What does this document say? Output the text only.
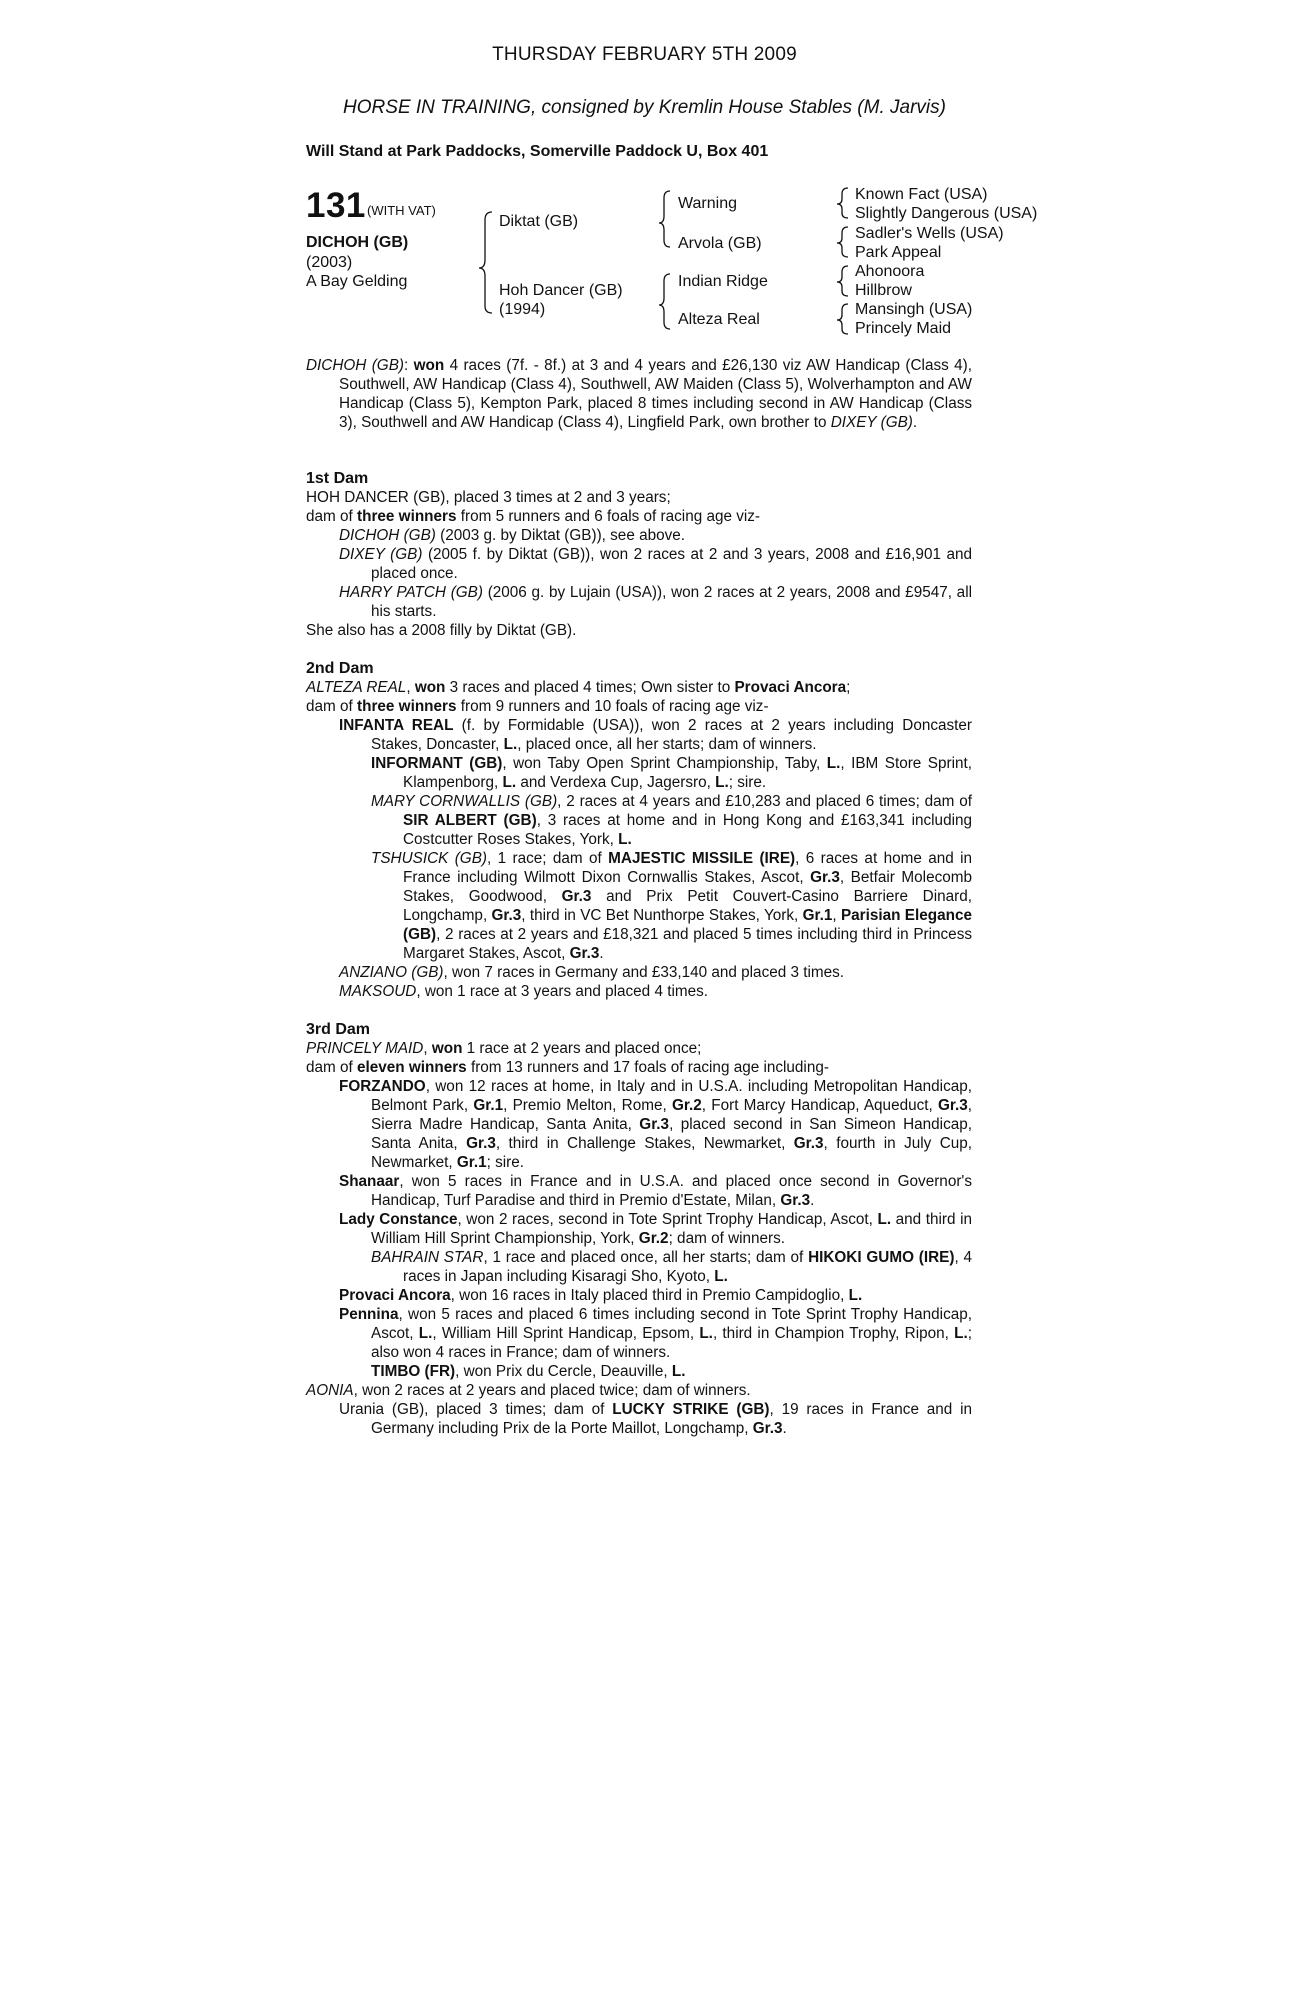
THURSDAY FEBRUARY 5TH 2009
HORSE IN TRAINING, consigned by Kremlin House Stables (M. Jarvis)
Will Stand at Park Paddocks, Somerville Paddock U, Box 401
131 (WITH VAT)
DICHOH (GB)
(2003)
A Bay Gelding
Diktat (GB)
Hoh Dancer (GB)
(1994)
Warning
Arvola (GB)
Indian Ridge
Alteza Real
Known Fact (USA)
Slightly Dangerous (USA)
Sadler's Wells (USA)
Park Appeal
Ahonoora
Hillbrow
Mansingh (USA)
Princely Maid

DICHOH (GB): won 4 races (7f. - 8f.) at 3 and 4 years and £26,130 viz AW Handicap (Class 4), Southwell, AW Handicap (Class 4), Southwell, AW Maiden (Class 5), Wolverhampton and AW Handicap (Class 5), Kempton Park, placed 8 times including second in AW Handicap (Class 3), Southwell and AW Handicap (Class 4), Lingfield Park, own brother to DIXEY (GB).

1st Dam

HOH DANCER (GB), placed 3 times at 2 and 3 years;

dam of three winners from 5 runners and 6 foals of racing age viz-

DICHOH (GB) (2003 g. by Diktat (GB)), see above.

DIXEY (GB) (2005 f. by Diktat (GB)), won 2 races at 2 and 3 years, 2008 and £16,901 and placed once.

HARRY PATCH (GB) (2006 g. by Lujain (USA)), won 2 races at 2 years, 2008 and £9547, all his starts.

She also has a 2008 filly by Diktat (GB).

2nd Dam

ALTEZA REAL, won 3 races and placed 4 times; Own sister to Provaci Ancora;

dam of three winners from 9 runners and 10 foals of racing age viz-

INFANTA REAL (f. by Formidable (USA)), won 2 races at 2 years including Doncaster Stakes, Doncaster, L., placed once, all her starts; dam of winners.

INFORMANT (GB), won Taby Open Sprint Championship, Taby, L., IBM Store Sprint, Klampenborg, L. and Verdexa Cup, Jagersro, L.; sire.

MARY CORNWALLIS (GB), 2 races at 4 years and £10,283 and placed 6 times; dam of SIR ALBERT (GB), 3 races at home and in Hong Kong and £163,341 including Costcutter Roses Stakes, York, L.

TSHUSICK (GB), 1 race; dam of MAJESTIC MISSILE (IRE), 6 races at home and in France including Wilmott Dixon Cornwallis Stakes, Ascot, Gr.3, Betfair Molecomb Stakes, Goodwood, Gr.3 and Prix Petit Couvert-Casino Barriere Dinard, Longchamp, Gr.3, third in VC Bet Nunthorpe Stakes, York, Gr.1, Parisian Elegance (GB), 2 races at 2 years and £18,321 and placed 5 times including third in Princess Margaret Stakes, Ascot, Gr.3.

ANZIANO (GB), won 7 races in Germany and £33,140 and placed 3 times.

MAKSOUD, won 1 race at 3 years and placed 4 times.

3rd Dam

PRINCELY MAID, won 1 race at 2 years and placed once;

dam of eleven winners from 13 runners and 17 foals of racing age including-

FORZANDO, won 12 races at home, in Italy and in U.S.A. including Metropolitan Handicap, Belmont Park, Gr.1, Premio Melton, Rome, Gr.2, Fort Marcy Handicap, Aqueduct, Gr.3, Sierra Madre Handicap, Santa Anita, Gr.3, placed second in San Simeon Handicap, Santa Anita, Gr.3, third in Challenge Stakes, Newmarket, Gr.3, fourth in July Cup, Newmarket, Gr.1; sire.

Shanaar, won 5 races in France and in U.S.A. and placed once second in Governor's Handicap, Turf Paradise and third in Premio d'Estate, Milan, Gr.3.

Lady Constance, won 2 races, second in Tote Sprint Trophy Handicap, Ascot, L. and third in William Hill Sprint Championship, York, Gr.2; dam of winners.

BAHRAIN STAR, 1 race and placed once, all her starts; dam of HIKOKI GUMO (IRE), 4 races in Japan including Kisaragi Sho, Kyoto, L.

Provaci Ancora, won 16 races in Italy placed third in Premio Campidoglio, L.

Pennina, won 5 races and placed 6 times including second in Tote Sprint Trophy Handicap, Ascot, L., William Hill Sprint Handicap, Epsom, L., third in Champion Trophy, Ripon, L.; also won 4 races in France; dam of winners.

TIMBO (FR), won Prix du Cercle, Deauville, L.

AONIA, won 2 races at 2 years and placed twice; dam of winners.

Urania (GB), placed 3 times; dam of LUCKY STRIKE (GB), 19 races in France and in Germany including Prix de la Porte Maillot, Longchamp, Gr.3.
